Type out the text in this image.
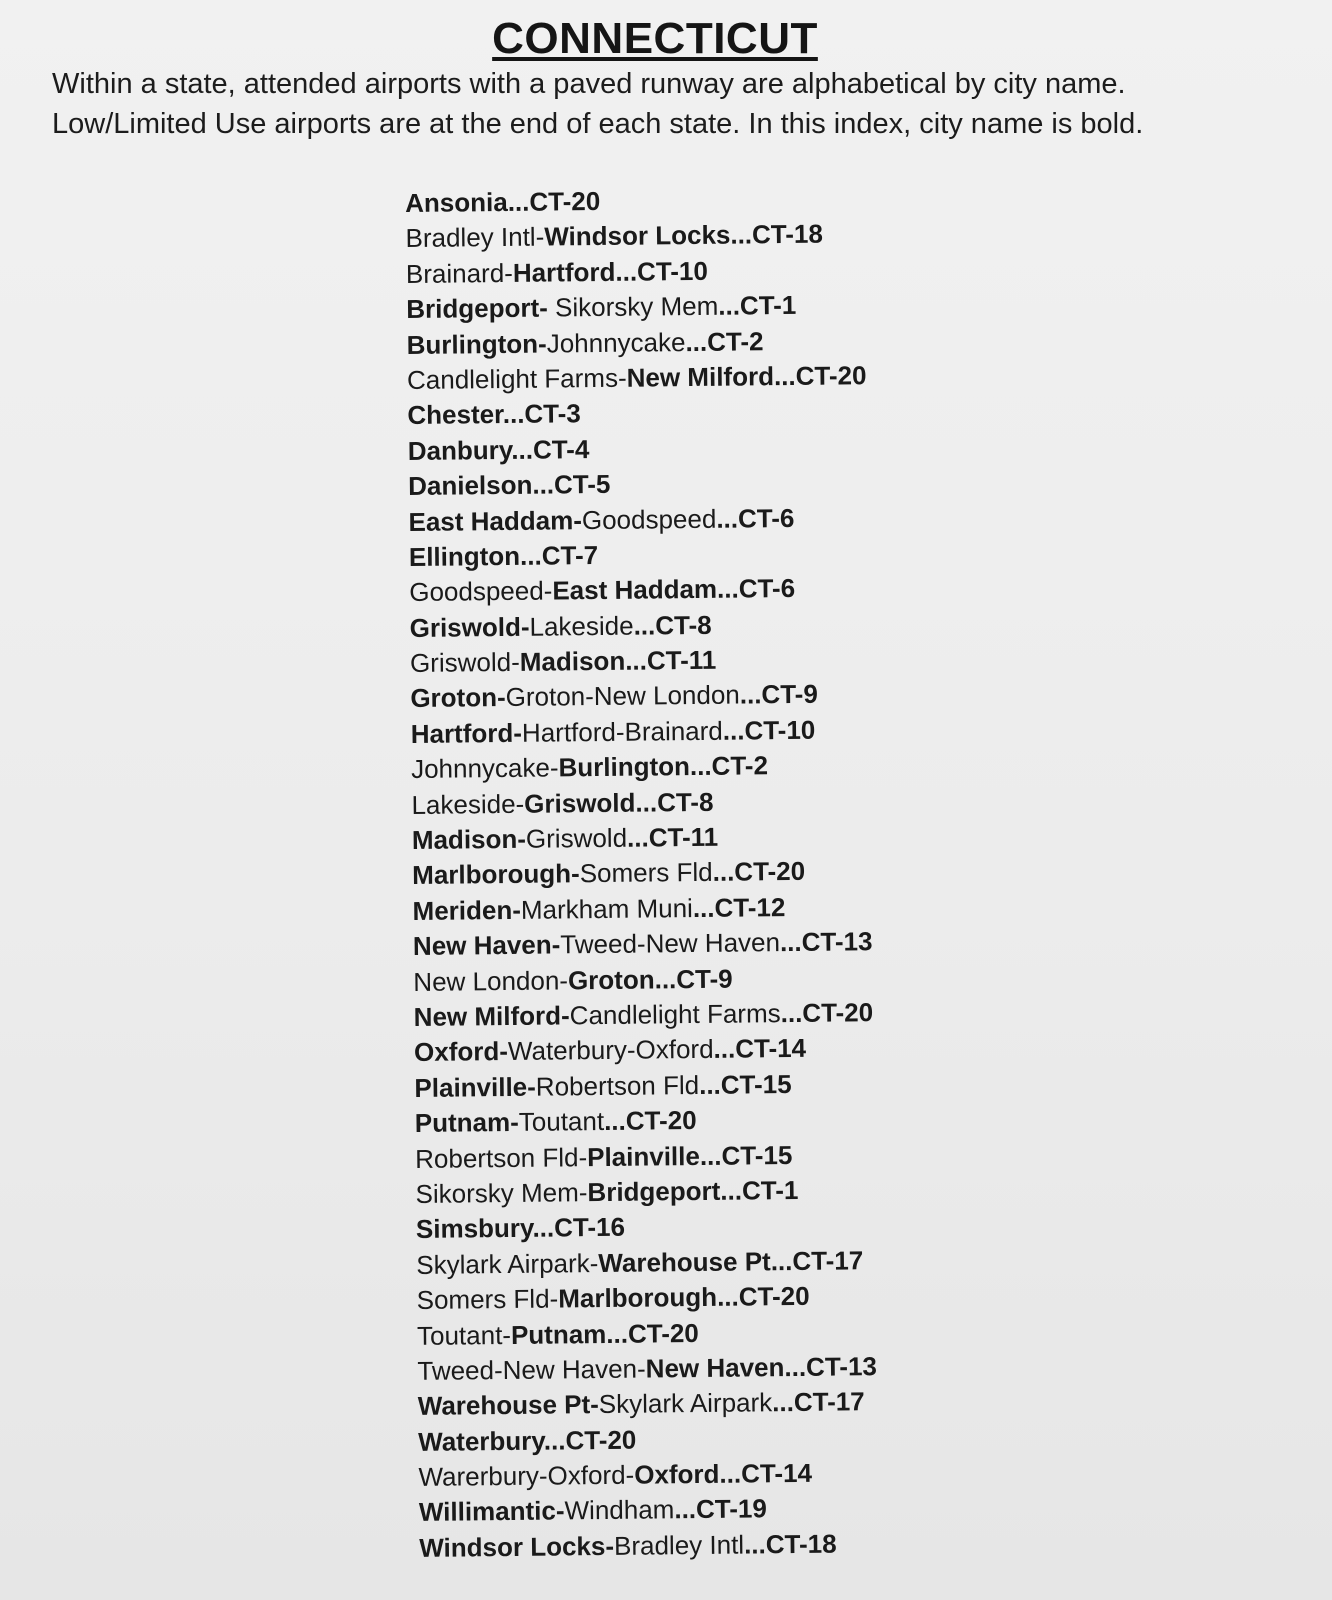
CONNECTICUT
Within a state, attended airports with a paved runway are alphabetical by city name.
Low/Limited Use airports are at the end of each state. In this index, city name is bold.
Ansonia...CT-20
Bradley Intl-Windsor Locks...CT-18
Brainard-Hartford...CT-10
Bridgeport- Sikorsky Mem...CT-1
Burlington-Johnnycake...CT-2
Candlelight Farms-New Milford...CT-20
Chester...CT-3
Danbury...CT-4
Danielson...CT-5
East Haddam-Goodspeed...CT-6
Ellington...CT-7
Goodspeed-East Haddam...CT-6
Griswold-Lakeside...CT-8
Griswold-Madison...CT-11
Groton-Groton-New London...CT-9
Hartford-Hartford-Brainard...CT-10
Johnnycake-Burlington...CT-2
Lakeside-Griswold...CT-8
Madison-Griswold...CT-11
Marlborough-Somers Fld...CT-20
Meriden-Markham Muni...CT-12
New Haven-Tweed-New Haven...CT-13
New London-Groton...CT-9
New Milford-Candlelight Farms...CT-20
Oxford-Waterbury-Oxford...CT-14
Plainville-Robertson Fld...CT-15
Putnam-Toutant...CT-20
Robertson Fld-Plainville...CT-15
Sikorsky Mem-Bridgeport...CT-1
Simsbury...CT-16
Skylark Airpark-Warehouse Pt...CT-17
Somers Fld-Marlborough...CT-20
Toutant-Putnam...CT-20
Tweed-New Haven-New Haven...CT-13
Warehouse Pt-Skylark Airpark...CT-17
Waterbury...CT-20
Warerbury-Oxford-Oxford...CT-14
Willimantic-Windham...CT-19
Windsor Locks-Bradley Intl...CT-18
